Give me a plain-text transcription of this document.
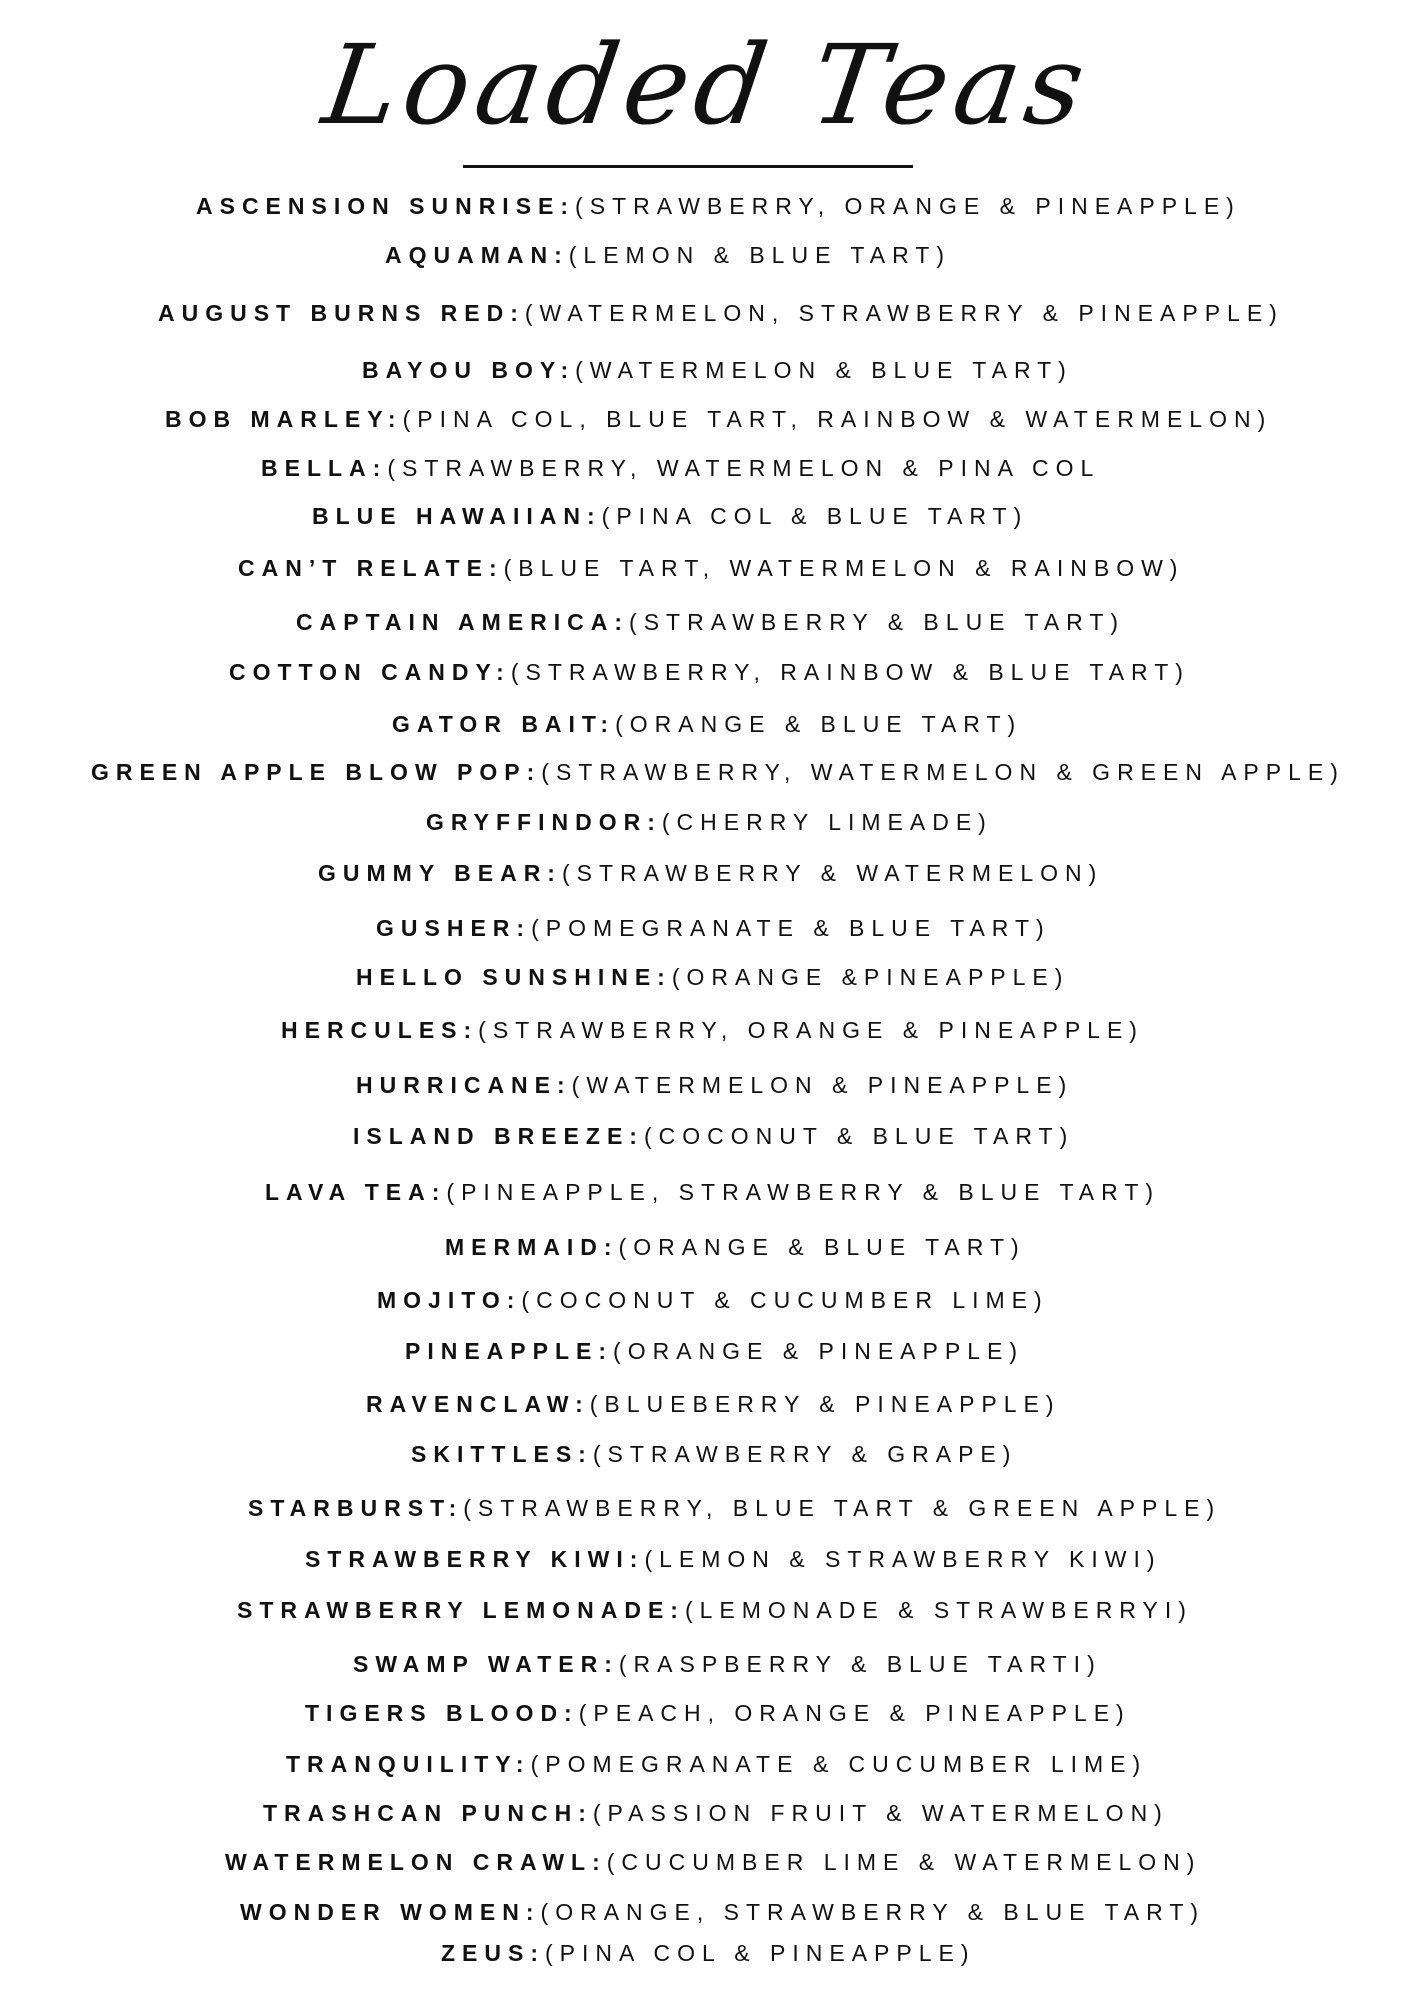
Loaded Teas
ASCENSION SUNRISE:(STRAWBERRY, ORANGE & PINEAPPLE)
AQUAMAN:(LEMON & BLUE TART)
AUGUST BURNS RED:(WATERMELON, STRAWBERRY & PINEAPPLE)
BAYOU BOY:(WATERMELON & BLUE TART)
BOB MARLEY:(PINA COL, BLUE TART, RAINBOW & WATERMELON)
BELLA:(STRAWBERRY, WATERMELON & PINA COL
BLUE HAWAIIAN:(PINA COL & BLUE TART)
CAN’T RELATE:(BLUE TART, WATERMELON & RAINBOW)
CAPTAIN AMERICA:(STRAWBERRY & BLUE TART)
COTTON CANDY:(STRAWBERRY, RAINBOW & BLUE TART)
GATOR BAIT:(ORANGE & BLUE TART)
GREEN APPLE BLOW POP:(STRAWBERRY, WATERMELON & GREEN APPLE)
GRYFFINDOR:(CHERRY LIMEADE)
GUMMY BEAR:(STRAWBERRY & WATERMELON)
GUSHER:(POMEGRANATE & BLUE TART)
HELLO SUNSHINE:(ORANGE &PINEAPPLE)
HERCULES:(STRAWBERRY, ORANGE & PINEAPPLE)
HURRICANE:(WATERMELON & PINEAPPLE)
ISLAND BREEZE:(COCONUT & BLUE TART)
LAVA TEA:(PINEAPPLE, STRAWBERRY & BLUE TART)
MERMAID:(ORANGE & BLUE TART)
MOJITO:(COCONUT & CUCUMBER LIME)
PINEAPPLE:(ORANGE & PINEAPPLE)
RAVENCLAW:(BLUEBERRY & PINEAPPLE)
SKITTLES:(STRAWBERRY & GRAPE)
STARBURST:(STRAWBERRY, BLUE TART & GREEN APPLE)
STRAWBERRY KIWI:(LEMON & STRAWBERRY KIWI)
STRAWBERRY LEMONADE:(LEMONADE & STRAWBERRYI)
SWAMP WATER:(RASPBERRY & BLUE TARTI)
TIGERS BLOOD:(PEACH, ORANGE & PINEAPPLE)
TRANQUILITY:(POMEGRANATE & CUCUMBER LIME)
TRASHCAN PUNCH:(PASSION FRUIT & WATERMELON)
WATERMELON CRAWL:(CUCUMBER LIME & WATERMELON)
WONDER WOMEN:(ORANGE, STRAWBERRY & BLUE TART)
ZEUS:(PINA COL & PINEAPPLE)
